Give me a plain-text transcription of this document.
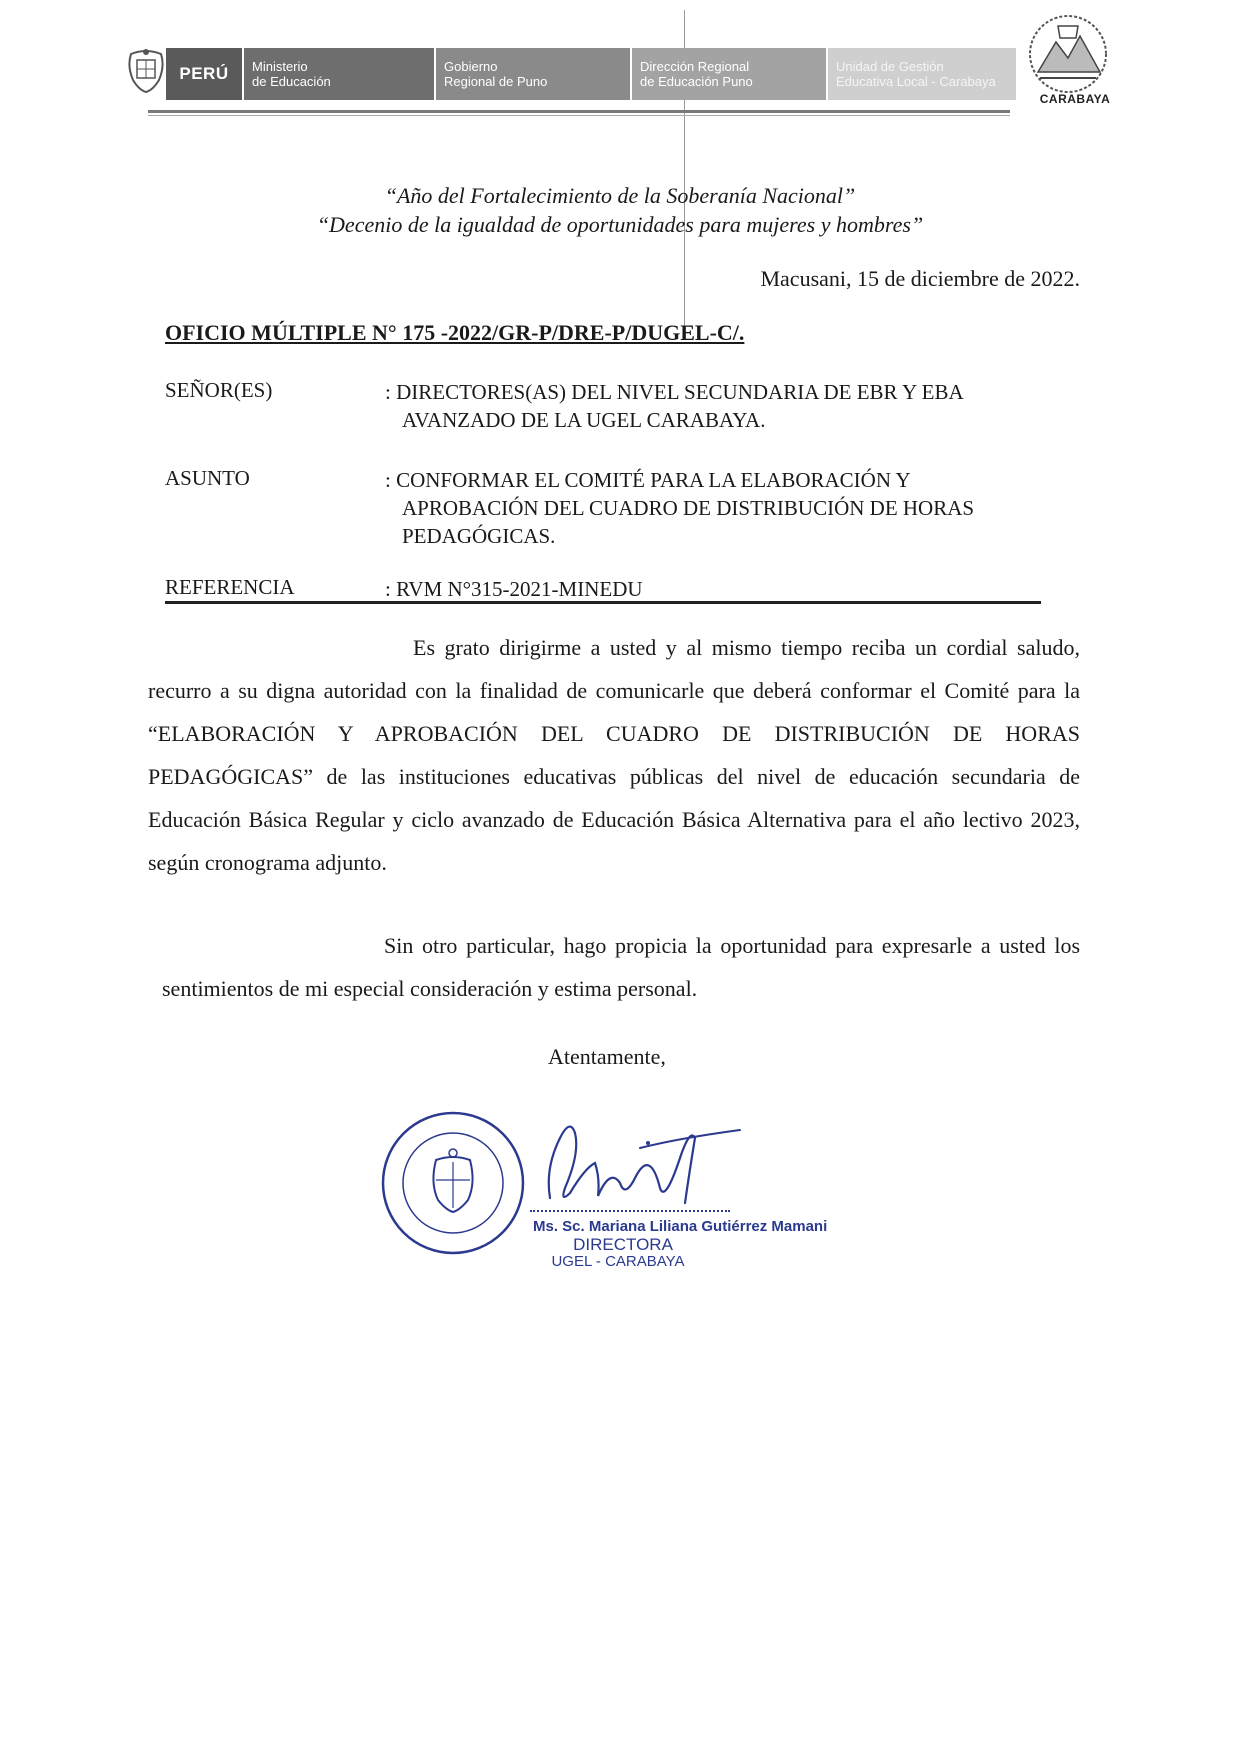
PERÚ	Ministerio
de Educación
Gobierno
Regional de Puno
Dirección Regional
de Educación Puno
Unidad de Gestión
Educativa Local - Carabaya
CARABAYA
“Año del Fortalecimiento de la Soberanía Nacional”
“Decenio de la igualdad de oportunidades para mujeres y hombres”
Macusani, 15 de diciembre de 2022.
OFICIO MÚLTIPLE N° 175 -2022/GR-P/DRE-P/DUGEL-C/.
SEÑOR(ES)	: DIRECTORES(AS) DEL NIVEL SECUNDARIA DE EBR Y EBA
AVANZADO DE LA UGEL CARABAYA.
ASUNTO	: CONFORMAR EL COMITÉ PARA LA ELABORACIÓN Y
APROBACIÓN DEL CUADRO DE DISTRIBUCIÓN DE HORAS
PEDAGÓGICAS.
REFERENCIA	: RVM N°315-2021-MINEDU
Es grato dirigirme a usted y al mismo tiempo reciba un cordial saludo, recurro a su digna autoridad con la finalidad de comunicarle que deberá conformar el Comité para la “ELABORACIÓN Y APROBACIÓN DEL CUADRO DE DISTRIBUCIÓN DE HORAS PEDAGÓGICAS” de las instituciones educativas públicas del nivel de educación secundaria de Educación Básica Regular y ciclo avanzado de Educación Básica Alternativa para el año lectivo 2023, según cronograma adjunto.
Sin otro particular, hago propicia la oportunidad para expresarle a usted los sentimientos de mi especial consideración y estima personal.
Atentamente,
Ms. Sc. Mariana Liliana Gutiérrez Mamani
DIRECTORA
UGEL - CARABAYA
